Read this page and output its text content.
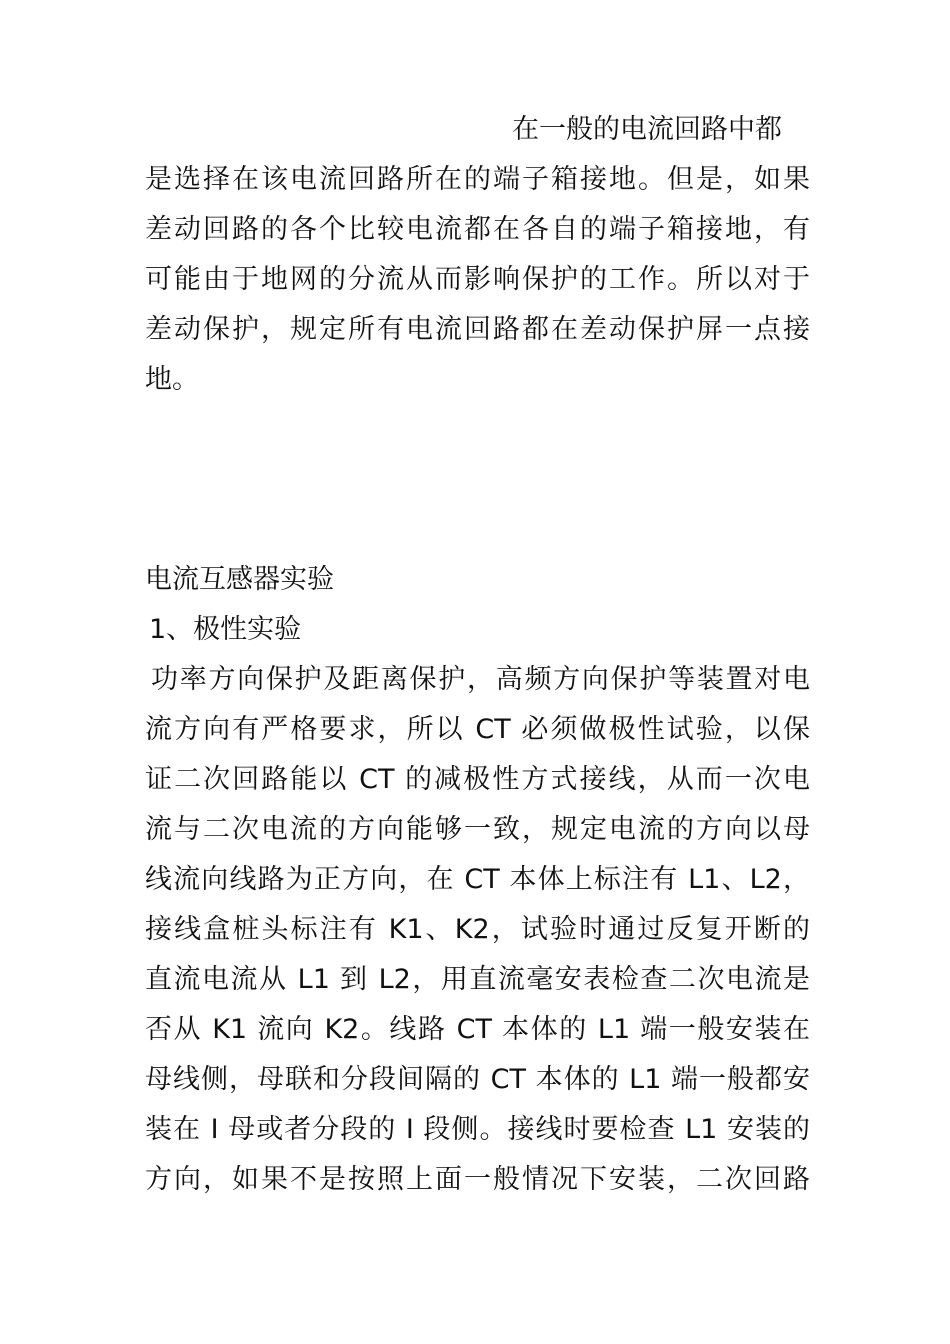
在一般的电流回路中都
是选择在该电流回路所在的端子箱接地。但是，如果
差动回路的各个比较电流都在各自的端子箱接地，有
可能由于地网的分流从而影响保护的工作。所以对于
差动保护，规定所有电流回路都在差动保护屏一点接
地。
电流互感器实验
1、极性实验
功率方向保护及距离保护，高频方向保护等装置对电
流方向有严格要求，所以 CT 必须做极性试验，以保
证二次回路能以 CT 的减极性方式接线，从而一次电
流与二次电流的方向能够一致，规定电流的方向以母
线流向线路为正方向，在 CT 本体上标注有 L1、L2，
接线盒桩头标注有 K1、K2，试验时通过反复开断的
直流电流从 L1 到 L2，用直流毫安表检查二次电流是
否从 K1 流向 K2。线路 CT 本体的 L1 端一般安装在
母线侧，母联和分段间隔的 CT 本体的 L1 端一般都安
装在 I 母或者分段的 I 段侧。接线时要检查 L1 安装的
方向，如果不是按照上面一般情况下安装，二次回路
